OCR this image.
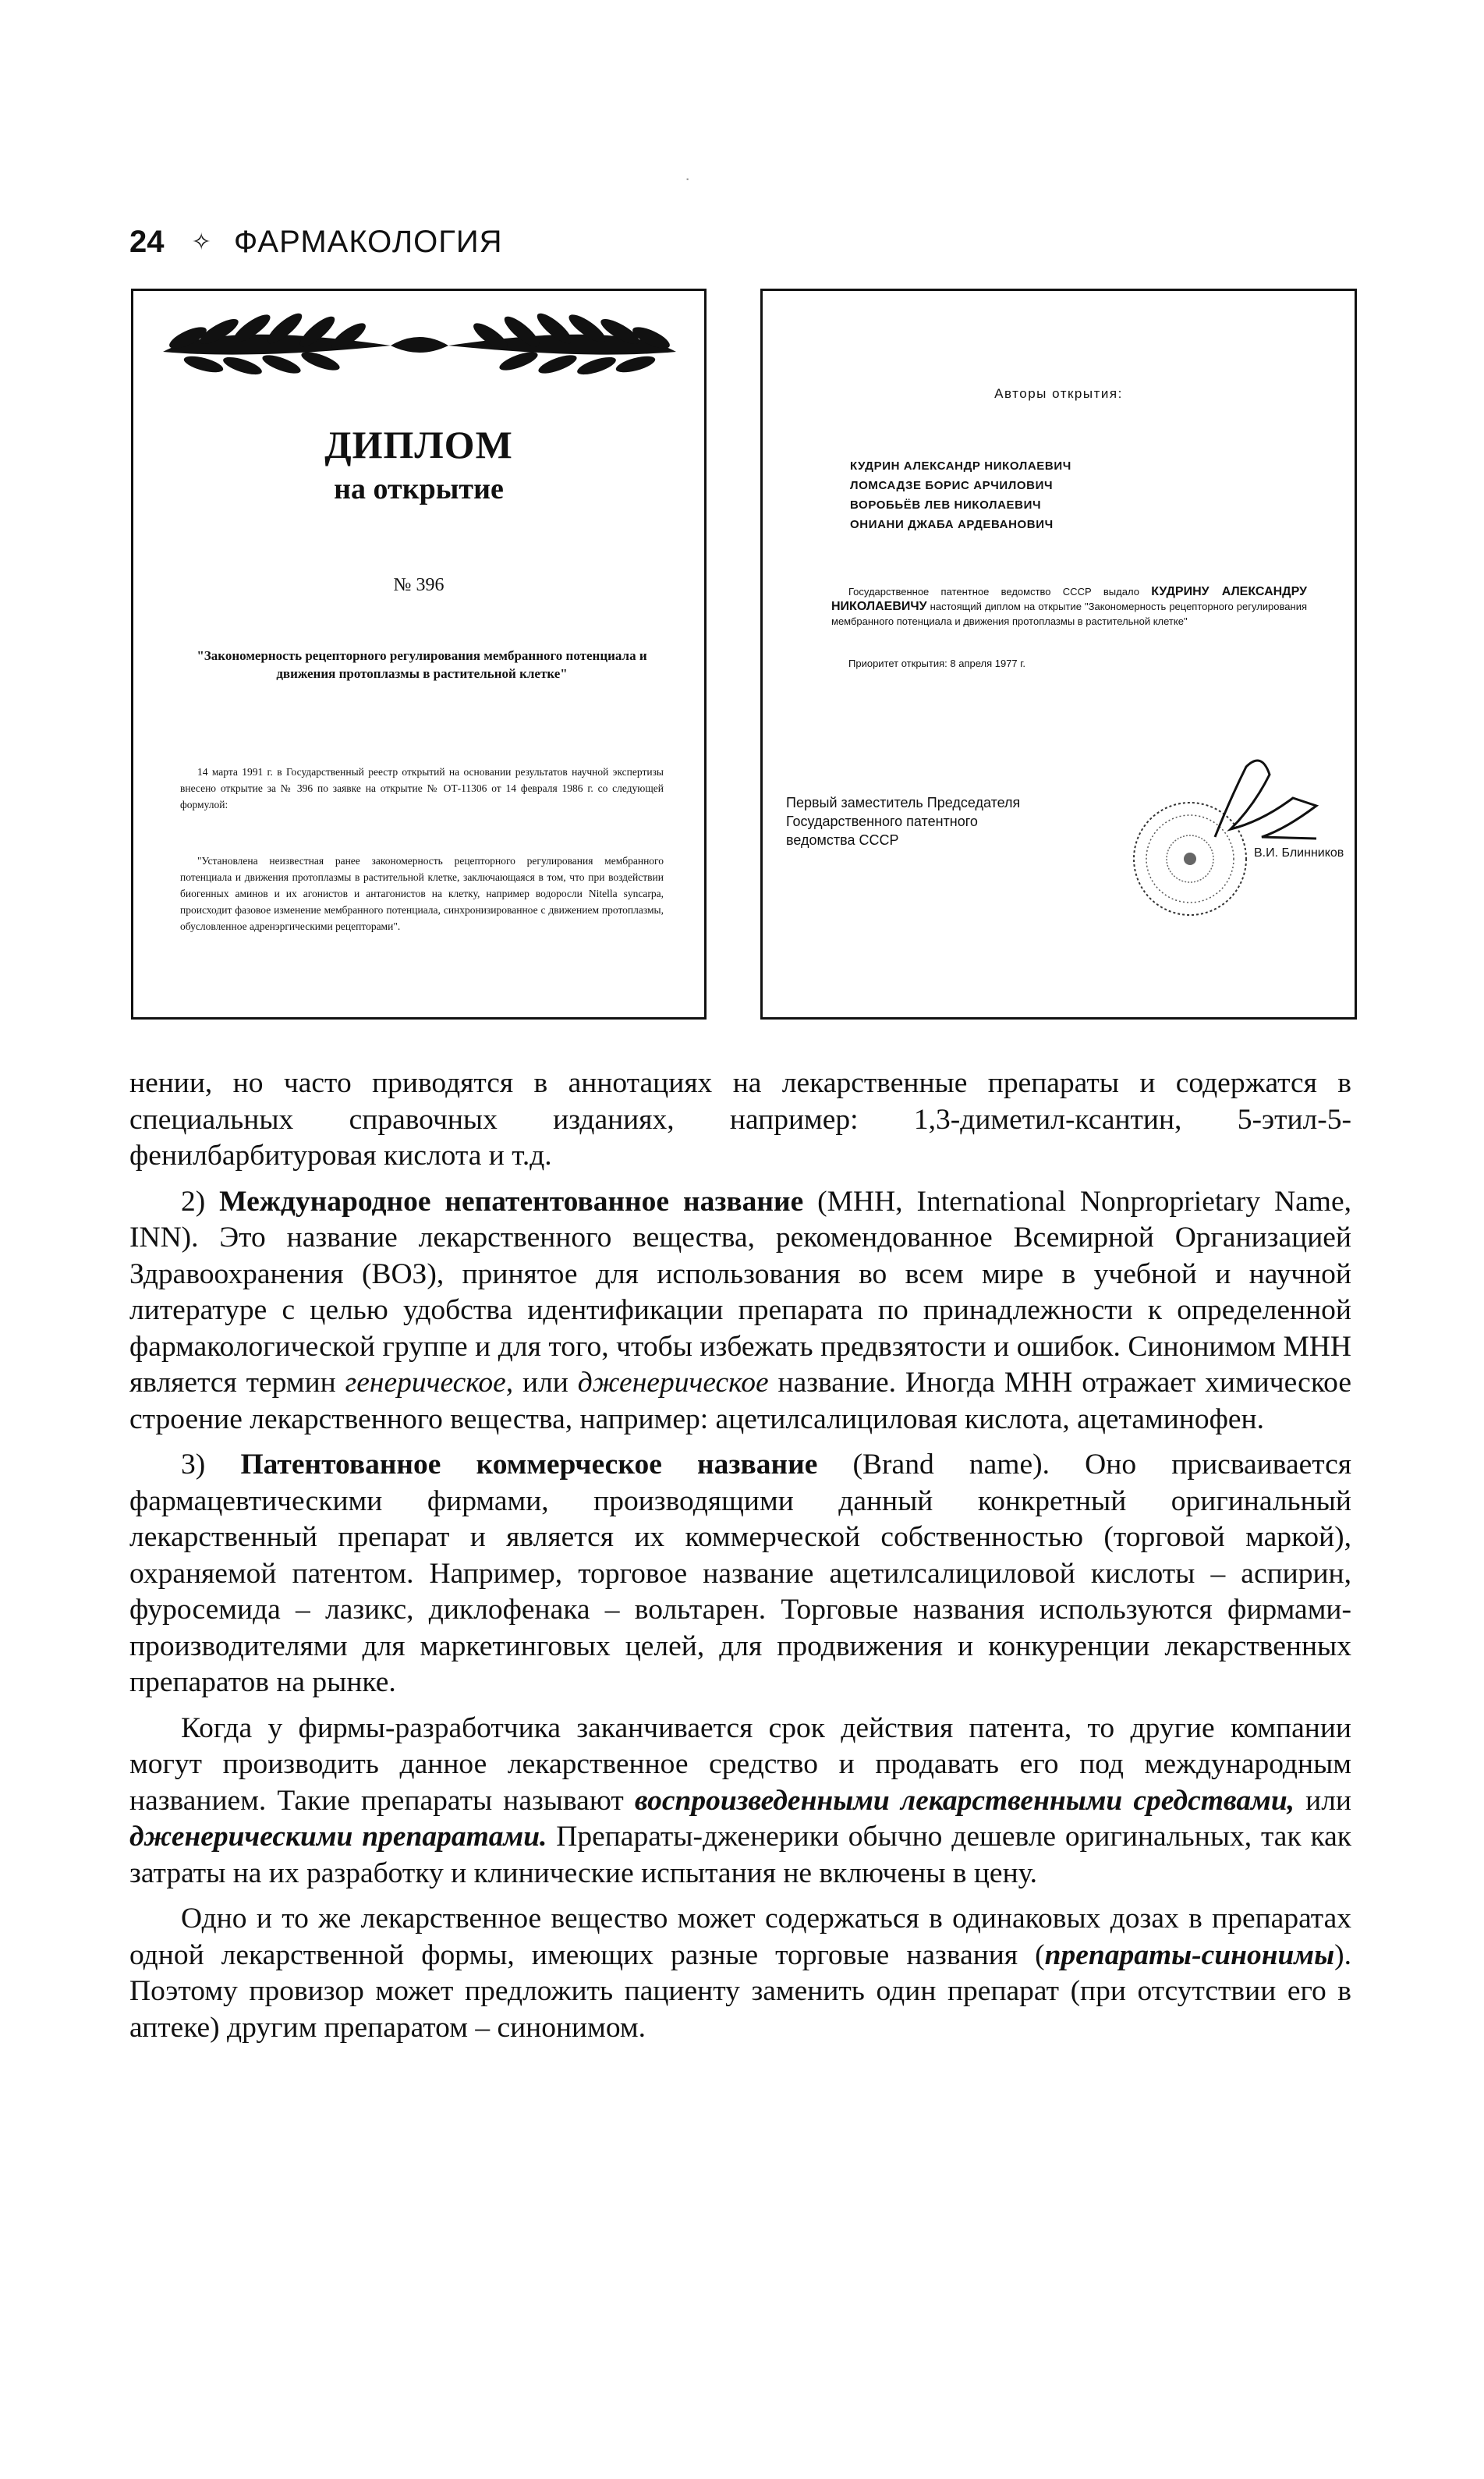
·
24 ✧ ФАРМАКОЛОГИЯ
ДИПЛОМ
на открытие
№ 396
"Закономерность рецепторного регулирования мембранного потенциала и движения протоплазмы в растительной клетке"
14 марта 1991 г. в Государственный реестр открытий на основании результатов научной экспертизы внесено открытие за № 396 по заявке на открытие № ОТ-11306 от 14 февраля 1986 г. со следующей формулой:
"Установлена неизвестная ранее закономерность рецепторного регулирования мембранного потенциала и движения протоплазмы в растительной клетке, заключающаяся в том, что при воздействии биогенных аминов и их агонистов и антагонистов на клетку, например водоросли Nitella syncarpa, происходит фазовое изменение мембранного потенциала, синхронизированное с движением протоплазмы, обусловленное адренэргическими рецепторами".
Авторы открытия:
КУДРИН АЛЕКСАНДР НИКОЛАЕВИЧ
ЛОМСАДЗЕ БОРИС АРЧИЛОВИЧ
ВОРОБЬЁВ ЛЕВ НИКОЛАЕВИЧ
ОНИАНИ ДЖАБА АРДЕВАНОВИЧ
Государственное патентное ведомство СССР выдало КУДРИНУ АЛЕКСАНДРУ НИКОЛАЕВИЧУ настоящий диплом на открытие "Закономерность рецепторного регулирования мембранного потенциала и движения протоплазмы в растительной клетке"
Приоритет открытия: 8 апреля 1977 г.
Первый заместитель Председателя
Государственного патентного
ведомства СССР
В.И. Блинников

нении, но часто приводятся в аннотациях на лекарственные препараты и содержатся в специальных справочных изданиях, например: 1,3-диметил-ксантин, 5-этил-5-фенилбарбитуровая кислота и т.д.

2) Международное непатентованное название (МНН, International Nonproprietary Name, INN). Это название лекарственного вещества, рекомендованное Всемирной Организацией Здравоохранения (ВОЗ), принятое для использования во всем мире в учебной и научной литературе с целью удобства идентификации препарата по принадлежности к определенной фармакологической группе и для того, чтобы избежать предвзятости и ошибок. Синонимом МНН является термин генерическое, или дженерическое название. Иногда МНН отражает химическое строение лекарственного вещества, например: ацетилсалициловая кислота, ацетаминофен.

3) Патентованное коммерческое название (Brand name). Оно присваивается фармацевтическими фирмами, производящими данный конкретный оригинальный лекарственный препарат и является их коммерческой собственностью (торговой маркой), охраняемой патентом. Например, торговое название ацетилсалициловой кислоты – аспирин, фуросемида – лазикс, диклофенака – вольтарен. Торговые названия используются фирмами-производителями для маркетинговых целей, для продвижения и конкуренции лекарственных препаратов на рынке.

Когда у фирмы-разработчика заканчивается срок действия патента, то другие компании могут производить данное лекарственное средство и продавать его под международным названием. Такие препараты называют воспроизведенными лекарственными средствами, или дженерическими препаратами. Препараты-дженерики обычно дешевле оригинальных, так как затраты на их разработку и клинические испытания не включены в цену.

Одно и то же лекарственное вещество может содержаться в одинаковых дозах в препаратах одной лекарственной формы, имеющих разные торговые названия (препараты-синонимы). Поэтому провизор может предложить пациенту заменить один препарат (при отсутствии его в аптеке) другим препаратом – синонимом.
